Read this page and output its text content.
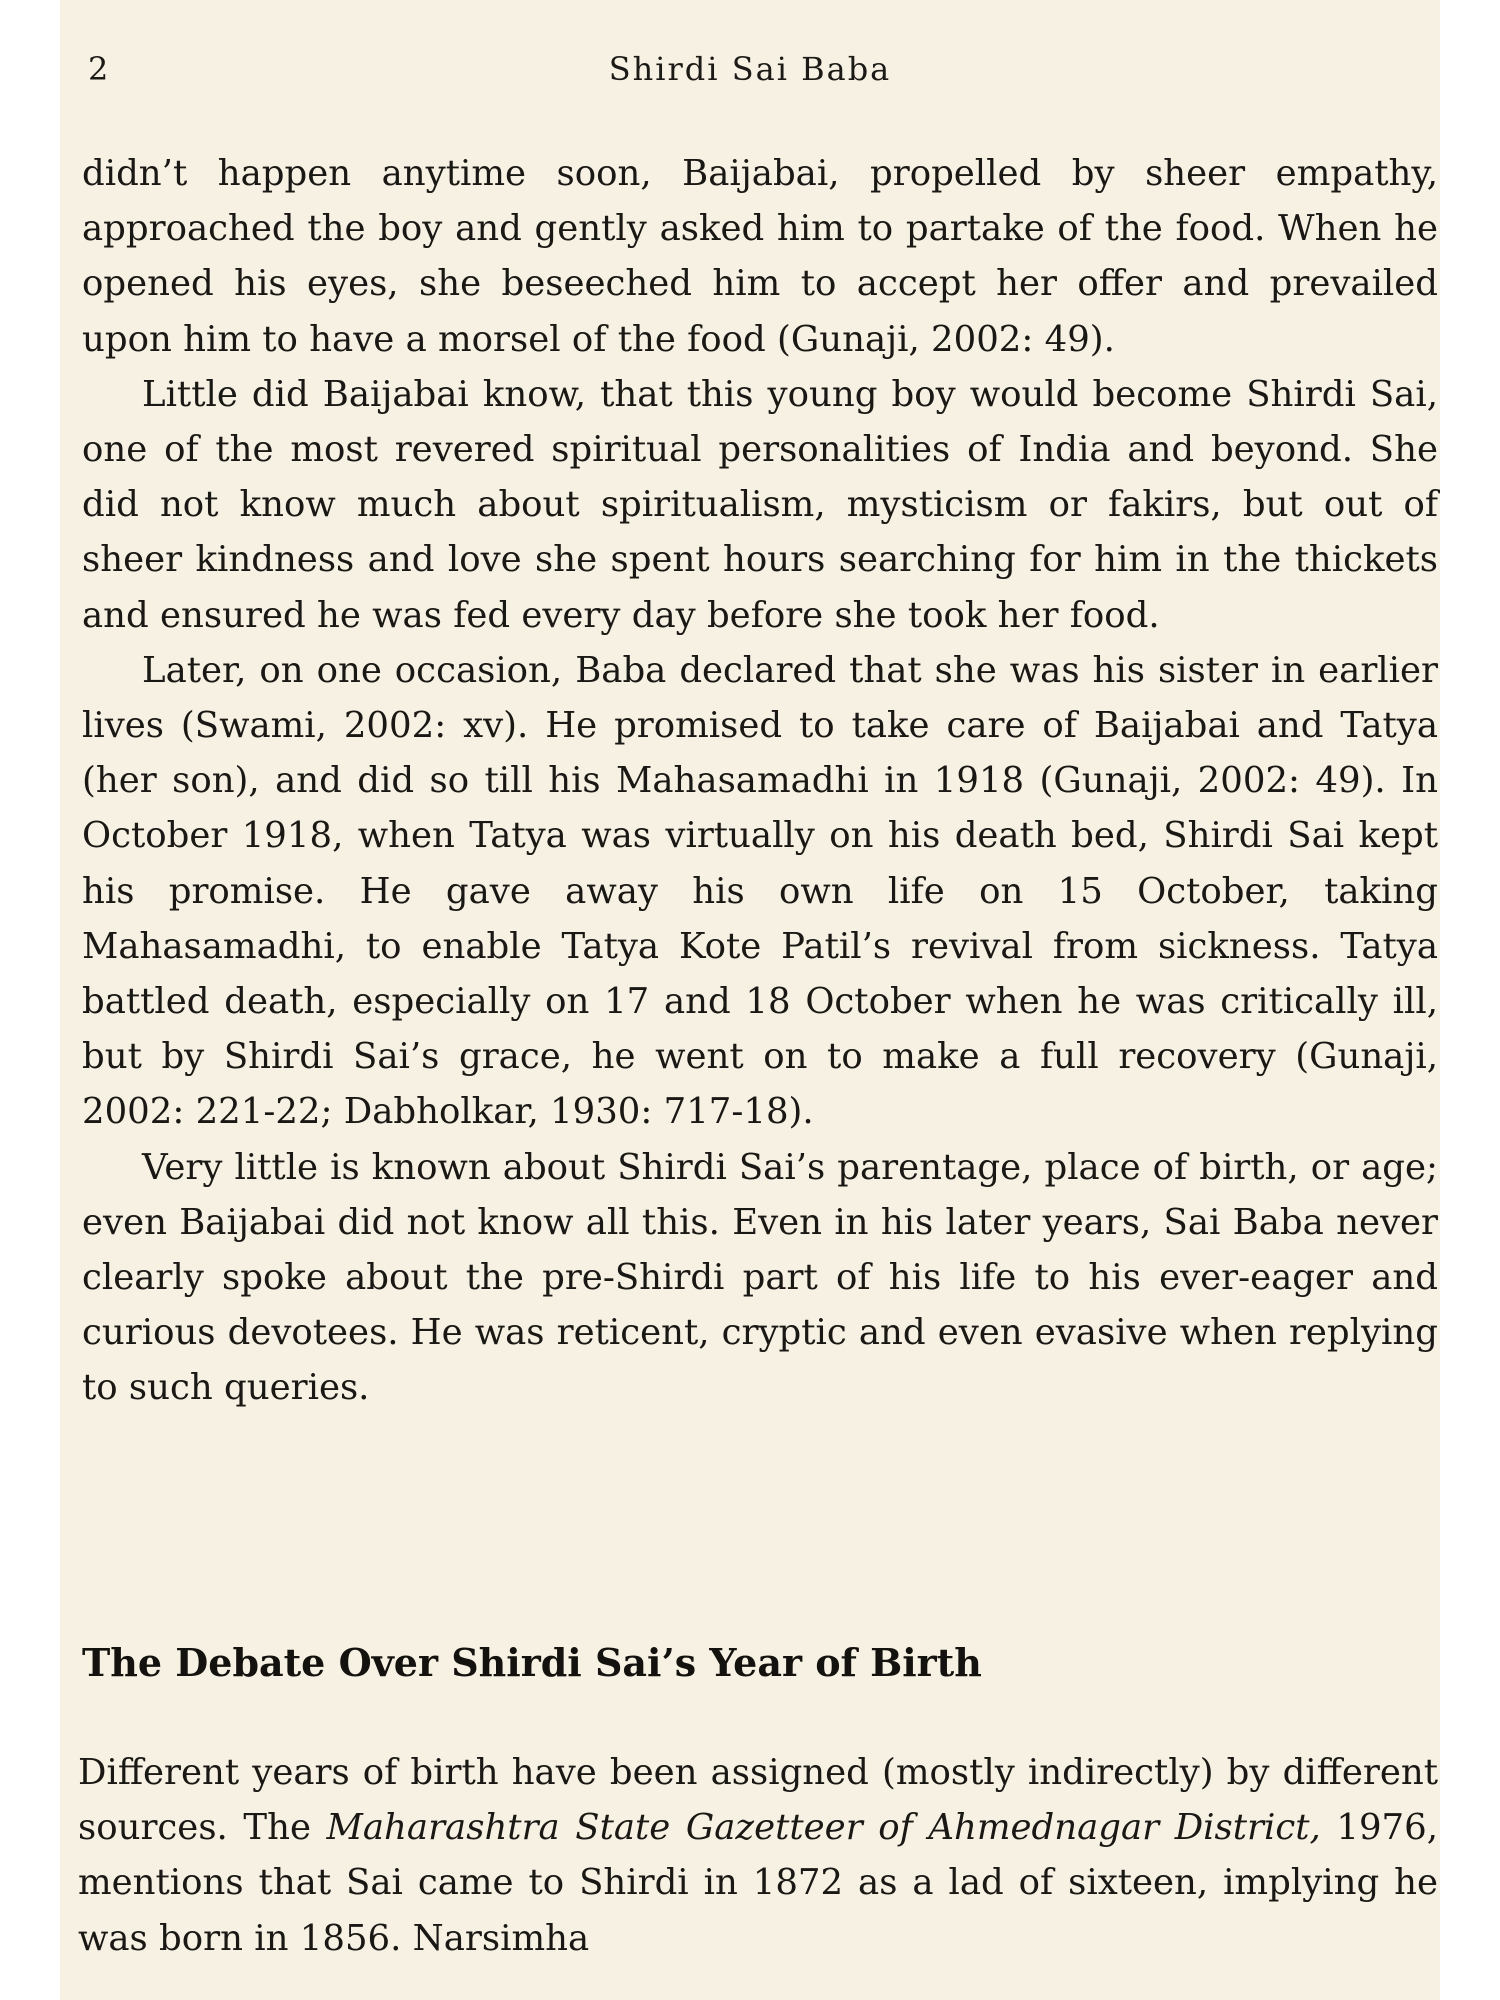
2	Shirdi Sai Baba

didn’t happen anytime soon, Baijabai, propelled by sheer empathy, approached the boy and gently asked him to partake of the food. When he opened his eyes, she beseeched him to accept her offer and prevailed upon him to have a morsel of the food (Gunaji, 2002: 49).

Little did Baijabai know, that this young boy would become Shirdi Sai, one of the most revered spiritual personalities of India and beyond. She did not know much about spiritualism, mysticism or fakirs, but out of sheer kindness and love she spent hours searching for him in the thickets and ensured he was fed every day before she took her food.

Later, on one occasion, Baba declared that she was his sister in earlier lives (Swami, 2002: xv). He promised to take care of Baijabai and Tatya (her son), and did so till his Mahasamadhi in 1918 (Gunaji, 2002: 49). In October 1918, when Tatya was virtually on his death bed, Shirdi Sai kept his promise. He gave away his own life on 15 October, taking Mahasamadhi, to enable Tatya Kote Patil’s revival from sickness. Tatya battled death, especially on 17 and 18 October when he was critically ill, but by Shirdi Sai’s grace, he went on to make a full recovery (Gunaji, 2002: 221-22; Dabholkar, 1930: 717-18).

Very little is known about Shirdi Sai’s parentage, place of birth, or age; even Baijabai did not know all this. Even in his later years, Sai Baba never clearly spoke about the pre-Shirdi part of his life to his ever-eager and curious devotees. He was reticent, cryptic and even evasive when replying to such queries.

The Debate Over Shirdi Sai’s Year of Birth

Different years of birth have been assigned (mostly indirectly) by different sources. The Maharashtra State Gazetteer of Ahmednagar District, 1976, mentions that Sai came to Shirdi in 1872 as a lad of sixteen, implying he was born in 1856. Narsimha
